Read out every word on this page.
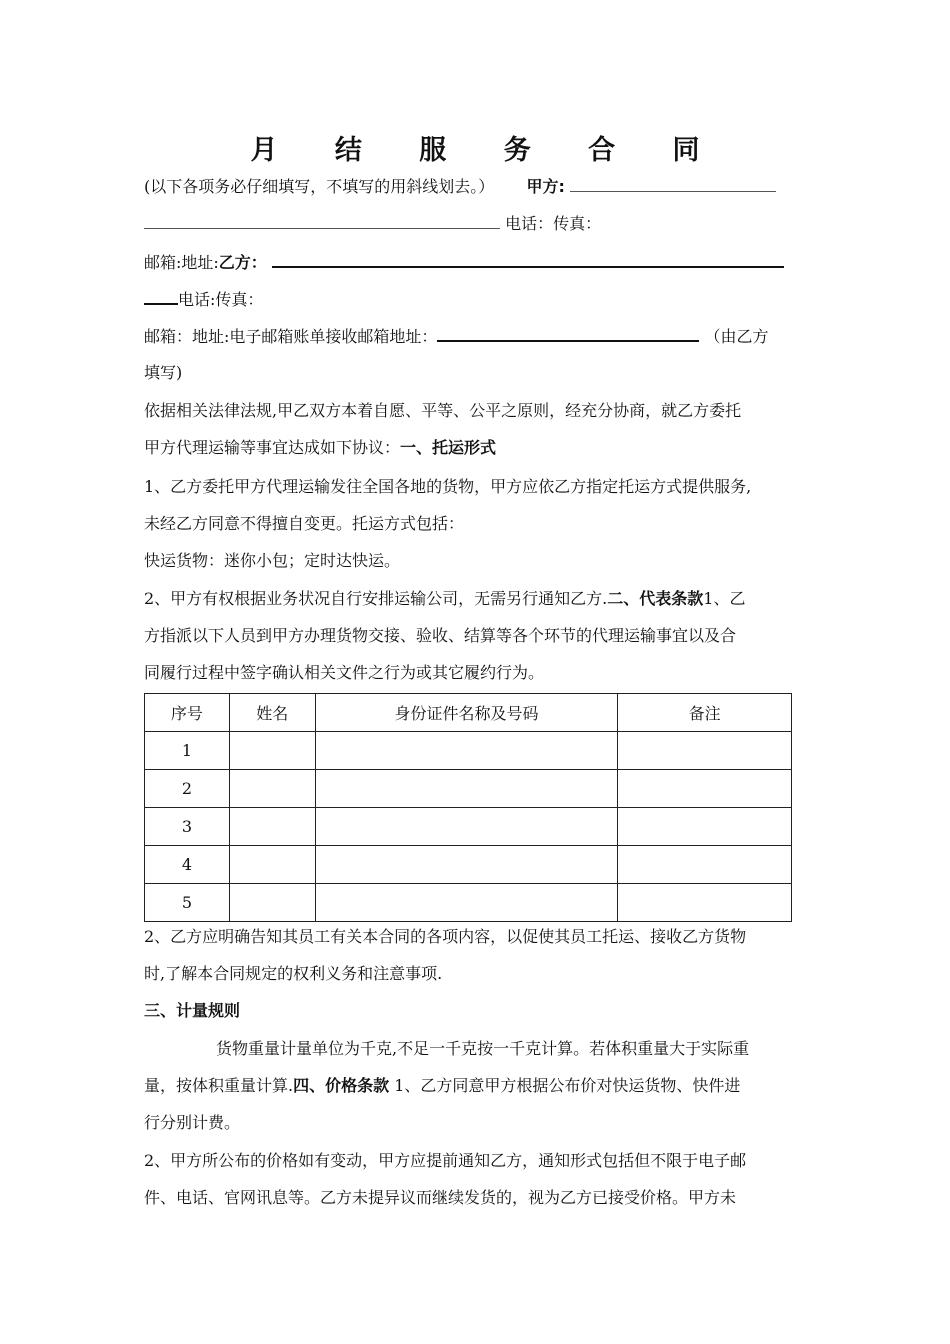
月 结 服 务 合 同
(以下各项务必仔细填写，不填写的用斜线划去。） 甲方:
电话：传真：
邮箱:地址:乙方：
电话:传真：
邮箱：地址:电子邮箱账单接收邮箱地址：	（由乙方
填写)
依据相关法律法规,甲乙双方本着自愿、平等、公平之原则，经充分协商，就乙方委托
甲方代理运输等事宜达成如下协议：一、托运形式
1、乙方委托甲方代理运输发往全国各地的货物，甲方应依乙方指定托运方式提供服务,
未经乙方同意不得擅自变更。托运方式包括：
快运货物：迷你小包；定时达快运。
2、甲方有权根据业务状况自行安排运输公司，无需另行通知乙方.二、代表条款1、乙
方指派以下人员到甲方办理货物交接、验收、结算等各个环节的代理运输事宜以及合
同履行过程中签字确认相关文件之行为或其它履约行为。
序号	姓名	身份证件名称及号码	备注
1			
2			
3			
4			
5			
2、乙方应明确告知其员工有关本合同的各项内容，以促使其员工托运、接收乙方货物
时,了解本合同规定的权利义务和注意事项.
三、计量规则
货物重量计量单位为千克,不足一千克按一千克计算。若体积重量大于实际重
量，按体积重量计算.四、价格条款 1、乙方同意甲方根据公布价对快运货物、快件进
行分别计费。
2、甲方所公布的价格如有变动，甲方应提前通知乙方，通知形式包括但不限于电子邮
件、电话、官网讯息等。乙方未提异议而继续发货的，视为乙方已接受价格。甲方未
